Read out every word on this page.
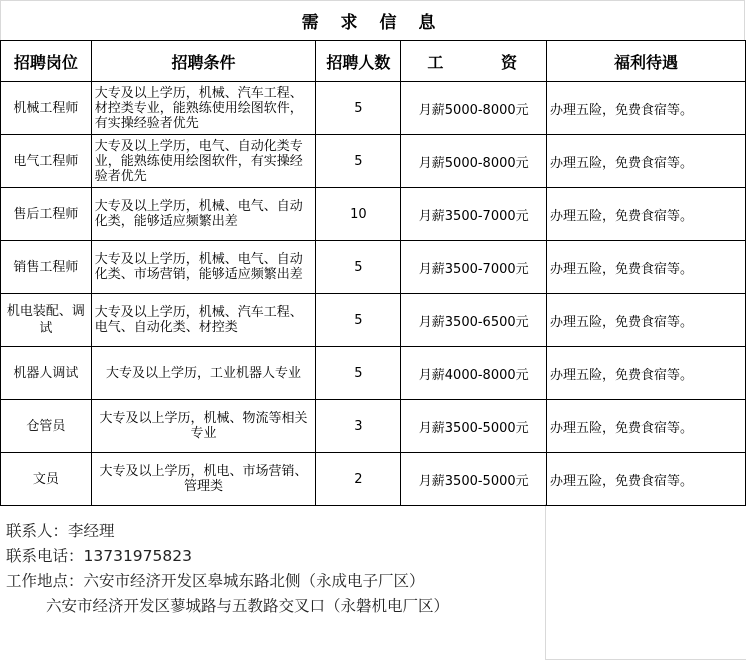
需 求 信 息
招聘岗位	招聘条件	招聘人数	工 资	福利待遇
机械工程师	大专及以上学历，机械、汽车工程、材控类专业，能熟练使用绘图软件，有实操经验者优先	5	月薪5000-8000元	办理五险，免费食宿等。
电气工程师	大专及以上学历，电气、自动化类专业，能熟练使用绘图软件，有实操经验者优先	5	月薪5000-8000元	办理五险，免费食宿等。
售后工程师	大专及以上学历，机械、电气、自动化类，能够适应频繁出差	10	月薪3500-7000元	办理五险，免费食宿等。
销售工程师	大专及以上学历，机械、电气、自动化类、市场营销，能够适应频繁出差	5	月薪3500-7000元	办理五险，免费食宿等。
机电装配、调试	大专及以上学历，机械、汽车工程、电气、自动化类、材控类	5	月薪3500-6500元	办理五险，免费食宿等。
机器人调试	大专及以上学历，工业机器人专业	5	月薪4000-8000元	办理五险，免费食宿等。
仓管员	大专及以上学历，机械、物流等相关专业	3	月薪3500-5000元	办理五险，免费食宿等。
文员	大专及以上学历，机电、市场营销、管理类	2	月薪3500-5000元	办理五险，免费食宿等。
联系人：李经理
联系电话：13731975823
工作地点：六安市经济开发区皋城东路北侧（永成电子厂区）
六安市经济开发区蓼城路与五教路交叉口（永磐机电厂区）
